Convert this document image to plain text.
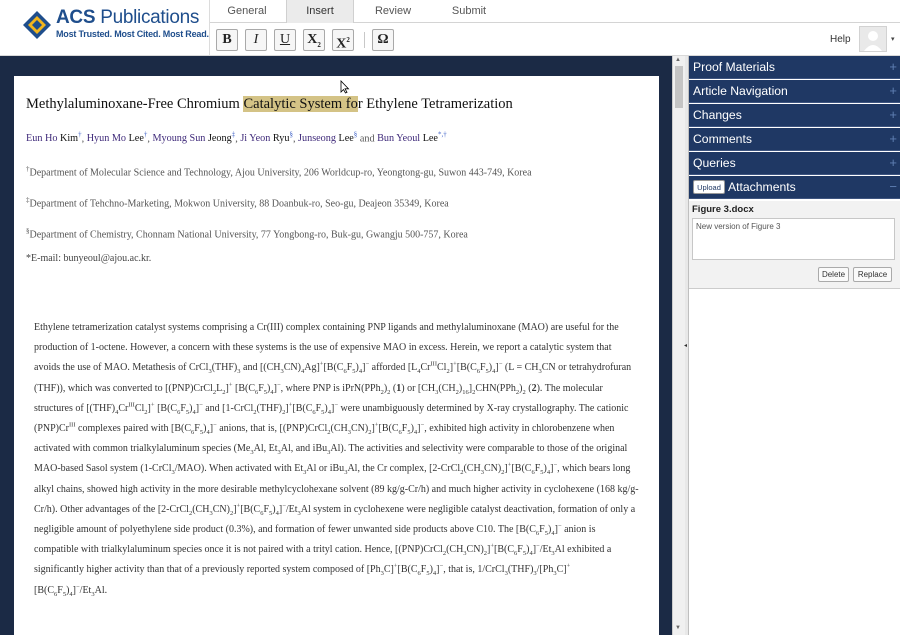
ACS Publications
Most Trusted. Most Cited. Most Read.
General	Insert	Review	Submit
B	I	U	$X_2$ $X^2$	Ω	Help	▾
Methylaluminoxane-Free Chromium Catalytic System for Ethylene Tetramerization
Eun Ho Kim†, Hyun Mo Lee†, Myoung Sun Jeong‡, Ji Yeon Ryu§, Junseong Lee§ and Bun Yeoul Lee*,†
†Department of Molecular Science and Technology, Ajou University, 206 Worldcup-ro, Yeongtong-gu, Suwon 443-749, Korea
‡Department of Tehchno-Marketing, Mokwon University, 88 Doanbuk-ro, Seo-gu, Deajeon 35349, Korea
§Department of Chemistry, Chonnam National University, 77 Yongbong-ro, Buk-gu, Gwangju 500-757, Korea
*E-mail: bunyeoul@ajou.ac.kr.
Ethylene tetramerization catalyst systems comprising a Cr(III) complex containing PNP ligands and methylaluminoxane (MAO) are useful for the production of 1-octene. However, a concern with these systems is the use of expensive MAO in excess. Herein, we report a catalytic system that avoids the use of MAO. Metathesis of $CrCl_3(THF)_3$ and $[(CH_3CN)_4Ag]^+[B(C_6F_5)_4]^-$ afforded $[L_4Cr^{III}Cl_2]^+[B(C_6F_5)_4]^-$ ($L = CH_3CN$ or tetrahydrofuran (THF)), which was converted to $[(PNP)CrCl_2L_2]^+$ $[B(C_6F_5)_4]^-$, where PNP is $iPrN(PPh_2)_2$ (1) or $[CH_3(CH_2)_{16}]_2CHN(PPh_2)_2$ (2). The molecular structures of $[(THF)_4Cr^{III}Cl_2]^+$ $[B(C_6F_5)_4]^-$ and $[1-CrCl_2(THF)_2]^+[B(C_6F_5)_4]^-$ were unambiguously determined by X-ray crystallography. The cationic $(PNP)Cr^{III}$ complexes paired with $[B(C_6F_5)_4]^-$ anions, that is, $[(PNP)CrCl_2(CH_3CN)_2]^+[B(C_6F_5)_4]^-$, exhibited high activity in chlorobenzene when activated with common trialkylaluminum species ($Me_3Al$, $Et_3Al$, and iBu$_3$Al). The activities and selectivity were comparable to those of the original MAO-based Sasol system (1-CrCl$_3$/MAO). When activated with $Et_3Al$ or iBu$_3$Al, the Cr complex, $[2-CrCl_2(CH_3CN)_2]^+[B(C_6F_5)_4]^-$, which bears long alkyl chains, showed high activity in the more desirable methylcyclohexane solvent (89 kg/g-Cr/h) and much higher activity in cyclohexene (168 kg/g-Cr/h). Other advantages of the $[2-CrCl_2(CH_3CN)_2]^+[B(C_6F_5)_4]^-/Et_3Al$ system in cyclohexene were negligible catalyst deactivation, formation of only a negligible amount of polyethylene side product (0.3%), and formation of fewer unwanted side products above C10. The $[B(C_6F_5)_4]^-$ anion is compatible with trialkylaluminum species once it is not paired with a trityl cation. Hence, $[(PNP)CrCl_2(CH_3CN)_2]^+[B(C_6F_5)_4]^-/Et_3Al$ exhibited a significantly higher activity than that of a previously reported system composed of $[Ph_3C]^+[B(C_6F_5)_4]^-$, that is, $1/CrCl_3(THF)_3/[Ph_3C]^+[B(C_6F_5)_4]^-/Et_3Al$.
▲
▼
◂
Proof Materials	+
Article Navigation	+
Changes	+
Comments	+
Queries	+
Upload Attachments	−
Figure 3.docx
New version of Figure 3
Delete	Replace
